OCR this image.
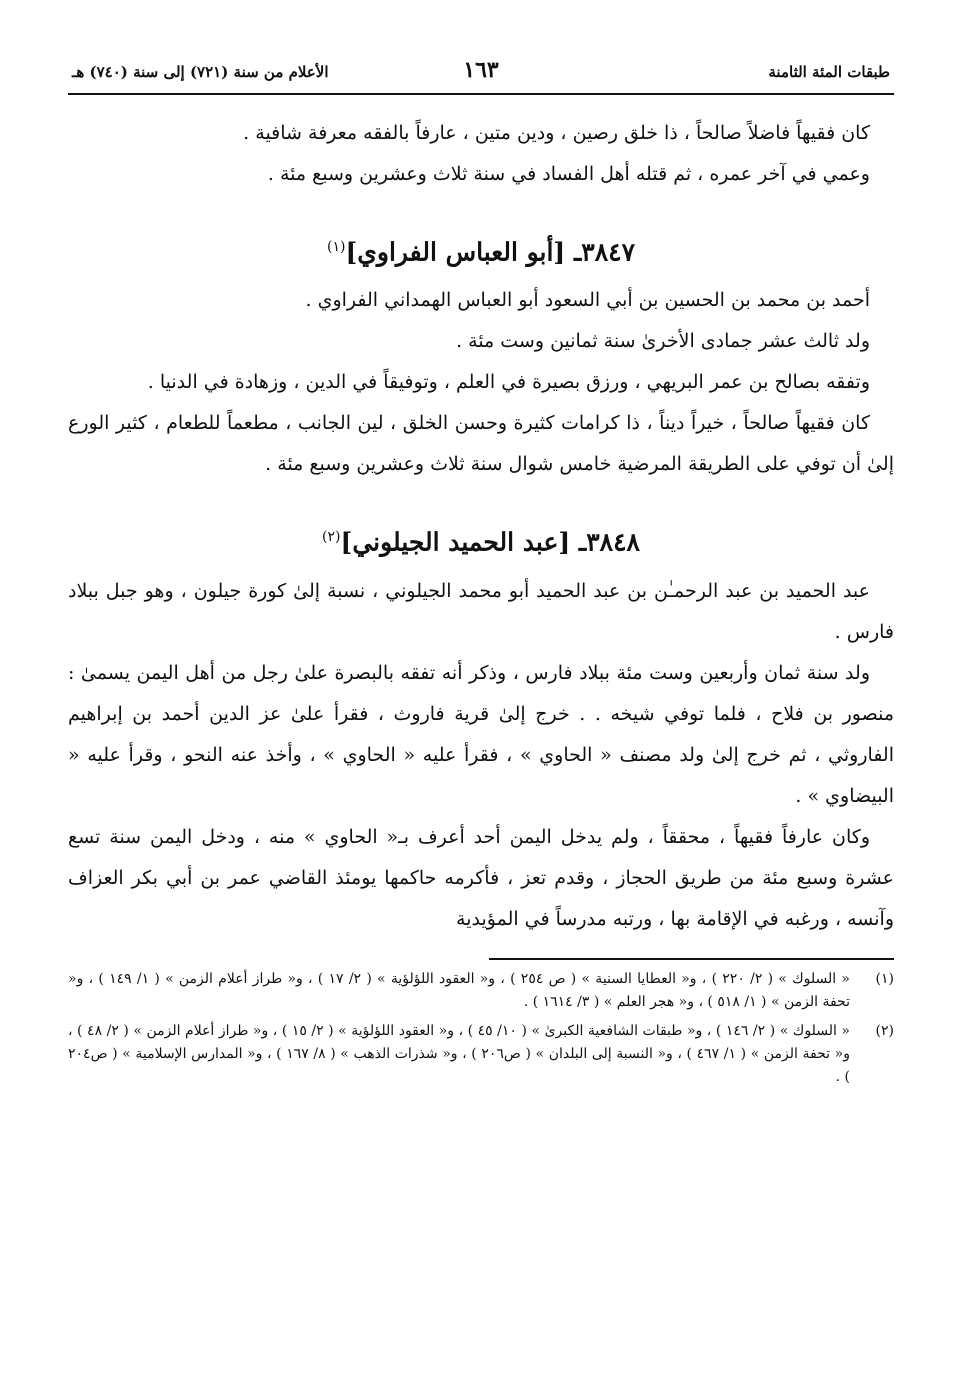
طبقات المئة الثامنة
١٦٣
الأعلام من سنة (٧٢١) إلى سنة (٧٤٠) هـ

كان فقيهاً فاضلاً صالحاً ، ذا خلق رصين ، ودين متين ، عارفاً بالفقه معرفة شافية .

وعمي في آخر عمره ، ثم قتله أهل الفساد في سنة ثلاث وعشرين وسبع مئة .

٣٨٤٧ـ [أبو العباس الفراوي]$^{(١)}$

أحمد بن محمد بن الحسين بن أبي السعود أبو العباس الهمداني الفراوي .

ولد ثالث عشر جمادى الأخرىٰ سنة ثمانين وست مئة .

وتفقه بصالح بن عمر البريهي ، ورزق بصيرة في العلم ، وتوفيقاً في الدين ، وزهادة في الدنيا .

كان فقيهاً صالحاً ، خيراً ديناً ، ذا كرامات كثيرة وحسن الخلق ، لين الجانب ، مطعماً للطعام ، كثير الورع إلىٰ أن توفي على الطريقة المرضية خامس شوال سنة ثلاث وعشرين وسبع مئة .

٣٨٤٨ـ [عبد الحميد الجيلوني]$^{(٢)}$

عبد الحميد بن عبد الرحمـٰن بن عبد الحميد أبو محمد الجيلوني ، نسبة إلىٰ كورة جيلون ، وهو جبل ببلاد فارس .

ولد سنة ثمان وأربعين وست مئة ببلاد فارس ، وذكر أنه تفقه بالبصرة علىٰ رجل من أهل اليمن يسمىٰ : منصور بن فلاح ، فلما توفي شيخه . . خرج إلىٰ قرية فاروث ، فقرأ علىٰ عز الدين أحمد بن إبراهيم الفاروثي ، ثم خرج إلىٰ ولد مصنف « الحاوي » ، فقرأ عليه « الحاوي » ، وأخذ عنه النحو ، وقرأ عليه « البيضاوي » .

وكان عارفاً فقيهاً ، محققاً ، ولم يدخل اليمن أحد أعرف بـ« الحاوي » منه ، ودخل اليمن سنة تسع عشرة وسبع مئة من طريق الحجاز ، وقدم تعز ، فأكرمه حاكمها يومئذ القاضي عمر بن أبي بكر العزاف وآنسه ، ورغبه في الإقامة بها ، ورتبه مدرساً في المؤيدية

(١)
« السلوك » ( ٢/ ٢٢٠ ) ، و« العطايا السنية » ( ص ٢٥٤ ) ، و« العقود اللؤلؤية » ( ٢/ ١٧ ) ، و« طراز أعلام الزمن » ( ١/ ١٤٩ ) ، و« تحفة الزمن » ( ١/ ٥١٨ ) ، و« هجر العلم » ( ٣/ ١٦١٤ ) .
(٢)
« السلوك » ( ٢/ ١٤٦ ) ، و« طبقات الشافعية الكبرىٰ » ( ١٠/ ٤٥ ) ، و« العقود اللؤلؤية » ( ٢/ ١٥ ) ، و« طراز أعلام الزمن » ( ٢/ ٤٨ ) ، و« تحفة الزمن » ( ١/ ٤٦٧ ) ، و« النسبة إلى البلدان » ( ص٢٠٦ ) ، و« شذرات الذهب » ( ٨/ ١٦٧ ) ، و« المدارس الإسلامية » ( ص٢٠٤ ) .
